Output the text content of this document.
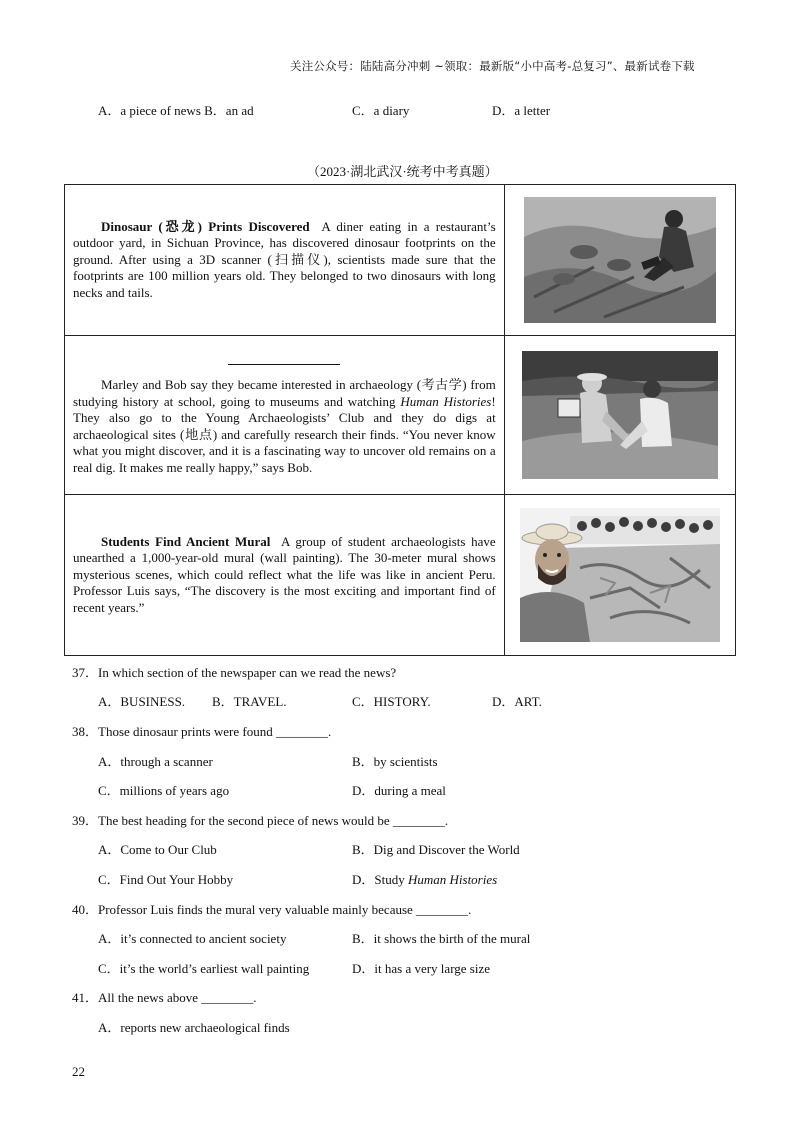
关注公众号：陆陆高分冲刺 ~领取：最新版“小中高考-总复习”、最新试卷下载
A．a piece of news B．an ad	C．a diary	D．a letter
（2023·湖北武汉·统考中考真题）
Dinosaur (恐龙) Prints Discovered A diner eating in a restaurant’s outdoor yard, in Sichuan Province, has discovered dinosaur footprints on the ground. After using a 3D scanner (扫描仪), scientists made sure that the footprints are 100 million years old. They belonged to two dinosaurs with long necks and tails.

Marley and Bob say they became interested in archaeology (考古学) from studying history at school, going to museums and watching Human Histories! They also go to the Young Archaeologists’ Club and they do digs at archaeological sites (地点) and carefully research their finds. “You never know what you might discover, and it is a fascinating way to uncover old remains on a real dig. It makes me really happy,” says Bob.

Students Find Ancient Mural A group of student archaeologists have unearthed a 1,000-year-old mural (wall painting). The 30-meter mural shows mysterious scenes, which could reflect what the life was like in ancient Peru. Professor Luis says, “The discovery is the most exciting and important find of recent years.”

37．In which section of the newspaper can we read the news?
A．BUSINESS. B．TRAVEL.	C．HISTORY.	D．ART.
38．Those dinosaur prints were found ________.
A．through a scanner	B．by scientists
C．millions of years ago	D．during a meal
39．The best heading for the second piece of news would be ________.
A．Come to Our Club	B．Dig and Discover the World
C．Find Out Your Hobby	D．Study Human Histories
40．Professor Luis finds the mural very valuable mainly because ________.
A．it’s connected to ancient society	B．it shows the birth of the mural
C．it’s the world’s earliest wall painting	D．it has a very large size
41．All the news above ________.
A．reports new archaeological finds
22
